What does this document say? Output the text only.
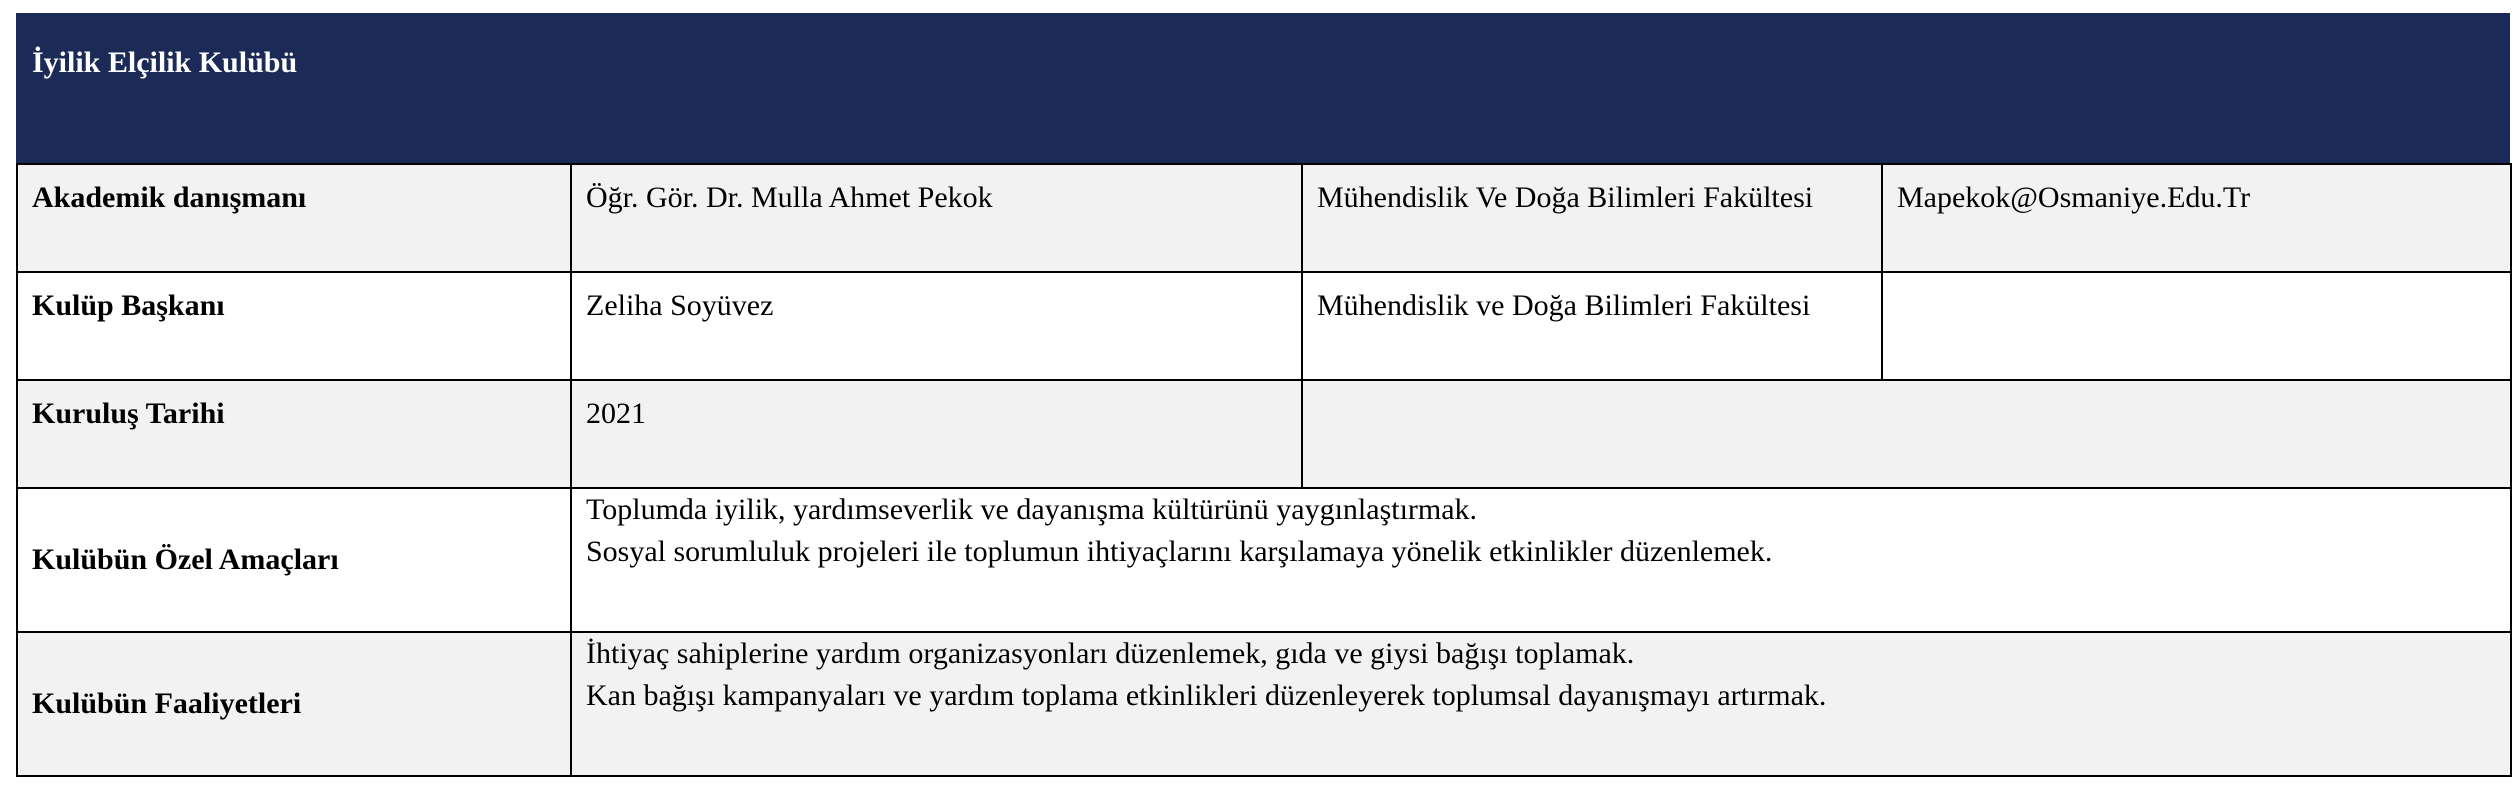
İyilik Elçilik Kulübü
Akademik danışmanı	Öğr. Gör. Dr. Mulla Ahmet Pekok	Mühendislik Ve Doğa Bilimleri Fakültesi	Mapekok@Osmaniye.Edu.Tr
Kulüp Başkanı	Zeliha Soyüvez	Mühendislik ve Doğa Bilimleri Fakültesi	
Kuruluş Tarihi	2021		
Kulübün Özel Amaçları	Toplumda iyilik, yardımseverlik ve dayanışma kültürünü yaygınlaştırmak.
Sosyal sorumluluk projeleri ile toplumun ihtiyaçlarını karşılamaya yönelik etkinlikler düzenlemek.		

Kulübün Faaliyetleri	İhtiyaç sahiplerine yardım organizasyonları düzenlemek, gıda ve giysi bağışı toplamak.
Kan bağışı kampanyaları ve yardım toplama etkinlikleri düzenleyerek toplumsal dayanışmayı artırmak.		
